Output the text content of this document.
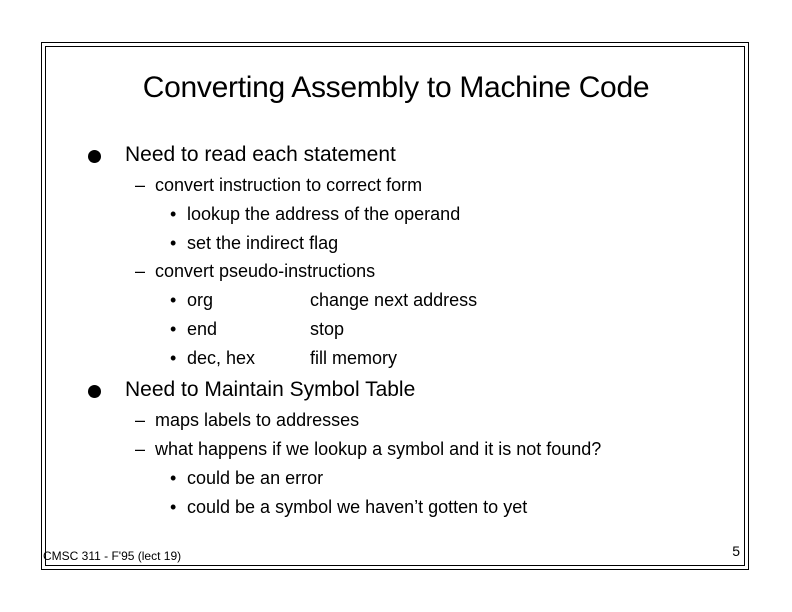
Converting Assembly to Machine Code
Need to read each statement
– convert instruction to correct form
• lookup the address of the operand
• set the indirect flag
– convert pseudo-instructions
• org	change next address
• end	stop
• dec, hex	fill memory
Need to Maintain Symbol Table
– maps labels to addresses
– what happens if we lookup a symbol and it is not found?
• could be an error
• could be a symbol we haven’t gotten to yet
CMSC 311 - F'95 (lect 19)	5
